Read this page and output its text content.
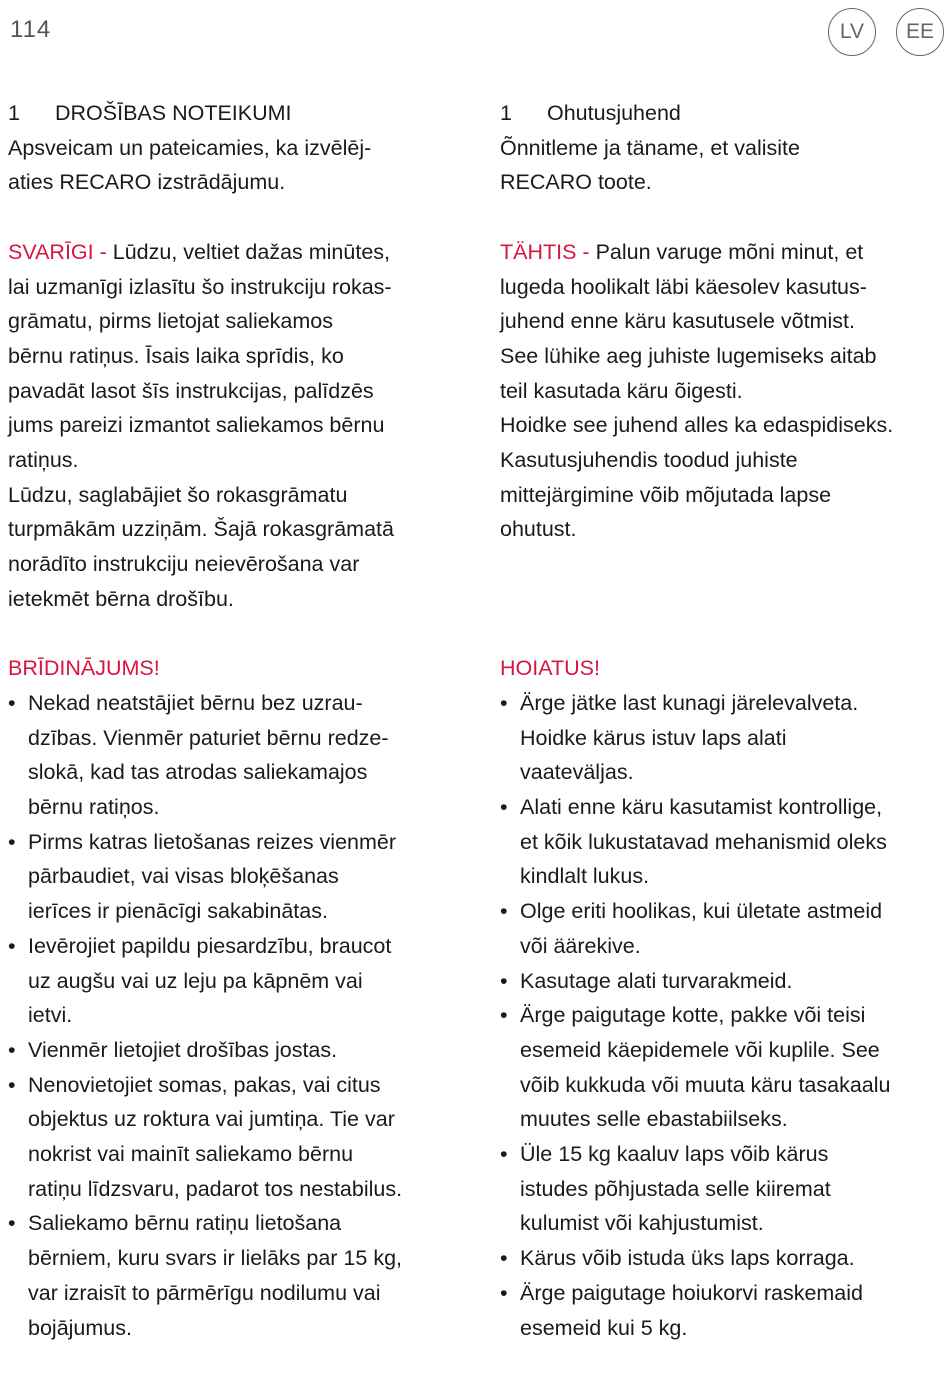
114	LV	EE

1 DROŠĪBAS NOTEIKUMI

Apsveicam un pateicamies, ka izvēlēj-
aties RECARO izstrādājumu.

SVARĪGI - Lūdzu, veltiet dažas minūtes,
lai uzmanīgi izlasītu šo instrukciju rokas-
grāmatu, pirms lietojat saliekamos
bērnu ratiņus. Īsais laika sprīdis, ko
pavadāt lasot šīs instrukcijas, palīdzēs
jums pareizi izmantot saliekamos bērnu
ratiņus.
Lūdzu, saglabājiet šo rokasgrāmatu
turpmākām uzziņām. Šajā rokasgrāmatā
norādīto instrukciju neievērošana var
ietekmēt bērna drošību.

BRĪDINĀJUMS!

• Nekad neatstājiet bērnu bez uzrau-
dzības. Vienmēr paturiet bērnu redze-
slokā, kad tas atrodas saliekamajos
bērnu ratiņos.
• Pirms katras lietošanas reizes vienmēr
pārbaudiet, vai visas bloķēšanas
ierīces ir pienācīgi sakabinātas.
• Ievērojiet papildu piesardzību, braucot
uz augšu vai uz leju pa kāpnēm vai
ietvi.
• Vienmēr lietojiet drošības jostas.
• Nenovietojiet somas, pakas, vai citus
objektus uz roktura vai jumtiņa. Tie var
nokrist vai mainīt saliekamo bērnu
ratiņu līdzsvaru, padarot tos nestabilus.
• Saliekamo bērnu ratiņu lietošana
bērniem, kuru svars ir lielāks par 15 kg,
var izraisīt to pārmērīgu nodilumu vai
bojājumus.

1 Ohutusjuhend

Õnnitleme ja täname, et valisite
RECARO toote.

TÄHTIS - Palun varuge mõni minut, et
lugeda hoolikalt läbi käesolev kasutus-
juhend enne käru kasutusele võtmist.
See lühike aeg juhiste lugemiseks aitab
teil kasutada käru õigesti.
Hoidke see juhend alles ka edaspidiseks.
Kasutusjuhendis toodud juhiste
mittejärgimine võib mõjutada lapse
ohutust.

HOIATUS!

• Ärge jätke last kunagi järelevalveta.
Hoidke kärus istuv laps alati
vaateväljas.
• Alati enne käru kasutamist kontrollige,
et kõik lukustatavad mehanismid oleks
kindlalt lukus.
• Olge eriti hoolikas, kui ületate astmeid
või äärekive.
• Kasutage alati turvarakmeid.
• Ärge paigutage kotte, pakke või teisi
esemeid käepidemele või kuplile. See
võib kukkuda või muuta käru tasakaalu
muutes selle ebastabiilseks.
• Üle 15 kg kaaluv laps võib kärus
istudes põhjustada selle kiiremat
kulumist või kahjustumist.
• Kärus võib istuda üks laps korraga.
• Ärge paigutage hoiukorvi raskemaid
esemeid kui 5 kg.
